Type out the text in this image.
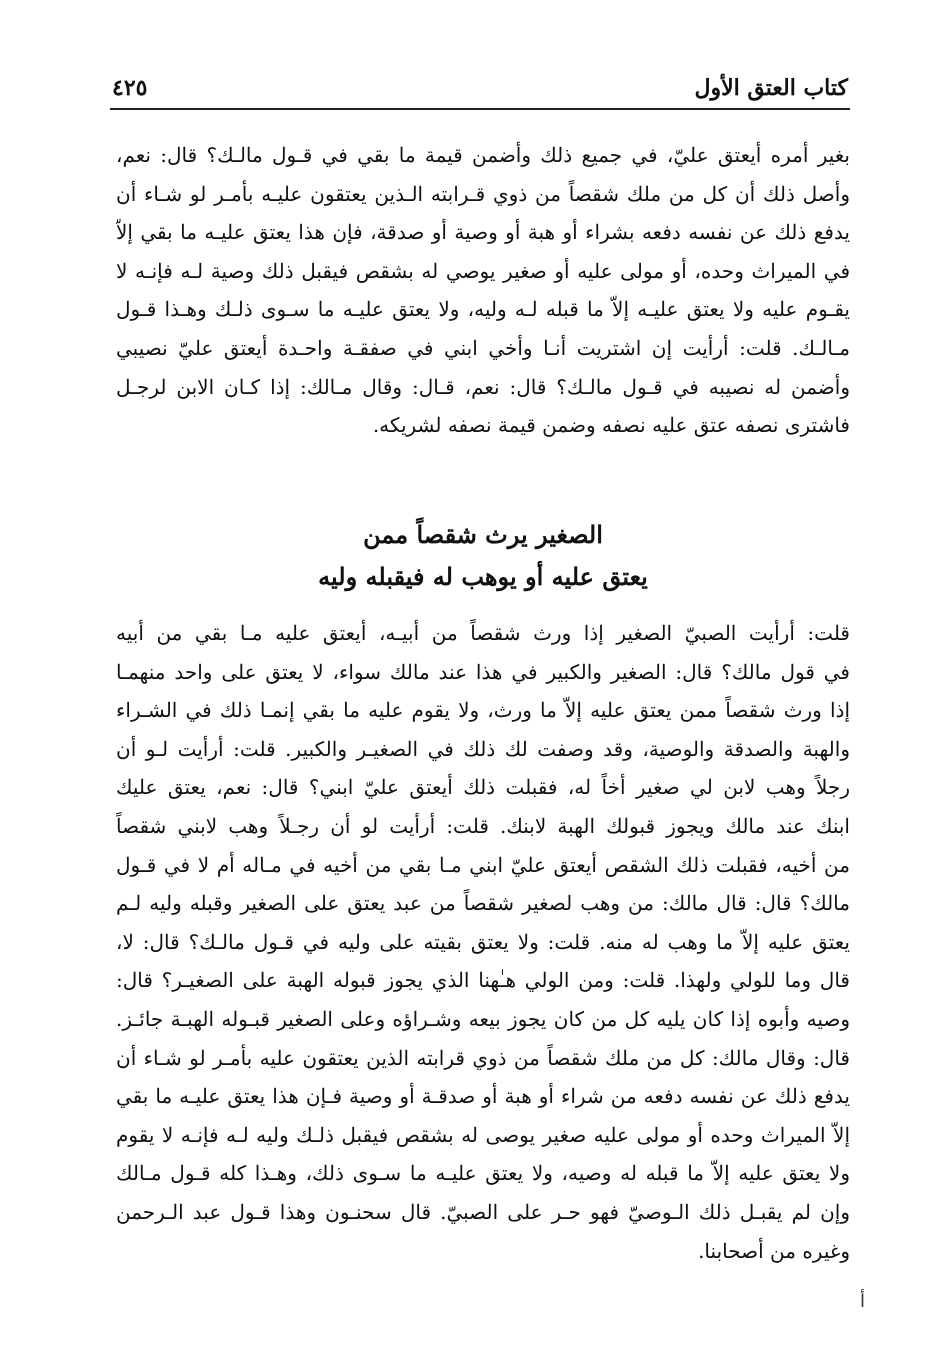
كتاب العتق الأول
٤٢٥
بغير أمره أيعتق عليّ، في جميع ذلك وأضمن قيمة ما بقي في قـول مالـك؟ قال: نعم،
وأصل ذلك أن كل من ملك شقصاً من ذوي قـرابته الـذين يعتقون عليـه بأمـر لو شـاء أن
يدفع ذلك عن نفسه دفعه بشراء أو هبة أو وصية أو صدقة، فإن هذا يعتق عليـه ما بقي إلاّ
في الميراث وحده، أو مولى عليه أو صغير يوصي له بشقص فيقبل ذلك وصية لـه فإنـه لا
يقـوم عليه ولا يعتق عليـه إلاّ ما قبله لـه وليه، ولا يعتق عليـه ما سـوى ذلـك وهـذا قـول
مـالـك. قلت: أرأيت إن اشتريت أنـا وأخي ابني في صفقـة واحـدة أيعتق عليّ نصيبي
وأضمن له نصيبه في قـول مالـك؟ قال: نعم، قـال: وقال مـالك: إذا كـان الابن لرجـل
فاشترى نصفه عتق عليه نصفه وضمن قيمة نصفه لشريكه.
الصغير يرث شقصاً ممن
يعتق عليه أو يوهب له فيقبله وليه
قلت: أرأيت الصبيّ الصغير إذا ورث شقصاً من أبيـه، أيعتق عليه مـا بقي من أبيه
في قول مالك؟ قال: الصغير والكبير في هذا عند مالك سواء، لا يعتق على واحد منهمـا
إذا ورث شقصاً ممن يعتق عليه إلاّ ما ورث، ولا يقوم عليه ما بقي إنمـا ذلك في الشـراء
والهبة والصدقة والوصية، وقد وصفت لك ذلك في الصغيـر والكبير. قلت: أرأيت لـو أن
رجلاً وهب لابن لي صغير أخاً له، فقبلت ذلك أيعتق عليّ ابني؟ قال: نعم، يعتق عليك
ابنك عند مالك ويجوز قبولك الهبة لابنك. قلت: أرأيت لو أن رجـلاً وهب لابني شقصاً
من أخيه، فقبلت ذلك الشقص أيعتق عليّ ابني مـا بقي من أخيه في مـاله أم لا في قـول
مالك؟ قال: قال مالك: من وهب لصغير شقصاً من عبد يعتق على الصغير وقبله وليه لـم
يعتق عليه إلاّ ما وهب له منه. قلت: ولا يعتق بقيته على وليه في قـول مالـك؟ قال: لا،
قال وما للولي ولهذا. قلت: ومن الولي هـٰهنا الذي يجوز قبوله الهبة على الصغيـر؟ قال:
وصيه وأبوه إذا كان يليه كل من كان يجوز بيعه وشـراؤه وعلى الصغير قبـوله الهبـة جائـز.
قال: وقال مالك: كل من ملك شقصاً من ذوي قرابته الذين يعتقون عليه بأمـر لو شـاء أن
يدفع ذلك عن نفسه دفعه من شراء أو هبة أو صدقـة أو وصية فـإن هذا يعتق عليـه ما بقي
إلاّ الميراث وحده أو مولى عليه صغير يوصى له بشقص فيقبل ذلـك وليه لـه فإنـه لا يقوم
ولا يعتق عليه إلاّ ما قبله له وصيه، ولا يعتق عليـه ما سـوى ذلك، وهـذا كله قـول مـالك
وإن لم يقبـل ذلك الـوصيّ فهو حـر على الصبيّ. قال سحنـون وهذا قـول عبد الـرحمن
وغيره من أصحابنا.
أ
